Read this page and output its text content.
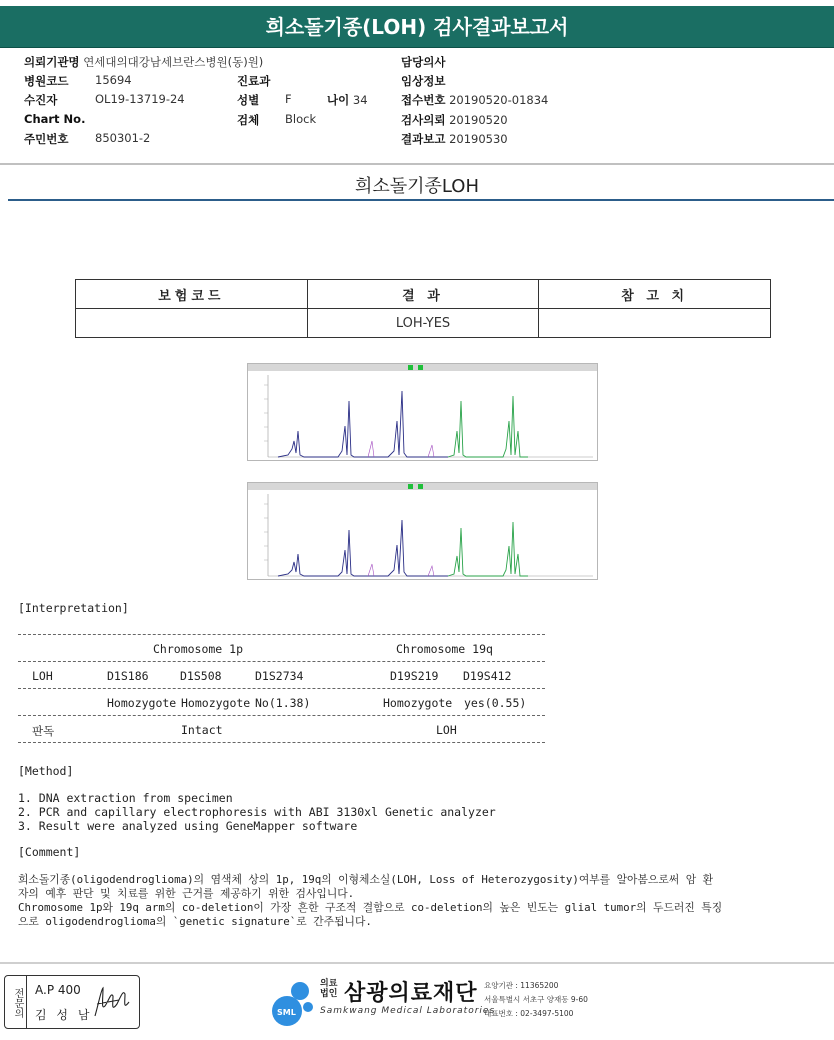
희소돌기종(LOH) 검사결과보고서
의뢰기관명 연세대의대강남세브란스병원(동)원)
병원코드 15694
수진자	OL19-13719-24
Chart No.
주민번호 850301-2
진료과
성별 F	나이 34
검체 Block
담당의사
임상정보
접수번호 20190520-01834
검사의뢰 20190520
결과보고 20190530
희소돌기종LOH
보험코드	결 과	참 고 치
	LOH-YES	
[Interpretation]
Chromosome 1p	Chromosome 19q
LOH	D1S186	D1S508	D1S2734	D19S219 D19S412
Homozygote Homozygote No(1.38)	Homozygote yes(0.55)
판독	Intact	LOH
[Method]
1. DNA extraction from specimen
2. PCR and capillary electrophoresis with ABI 3130xl Genetic analyzer
3. Result were analyzed using GeneMapper software
[Comment]
희소돌기종(oligodendroglioma)의 염색체 상의 1p, 19q의 이형체소실(LOH, Loss of Heterozygosity)여부를 알아봄으로써 암 환
자의 예후 판단 및 치료를 위한 근거를 제공하기 위한 검사입니다.
Chromosome 1p와 19q arm의 co-deletion이 가장 흔한 구조적 결함으로 co-deletion의 높은 빈도는 glial tumor의 두드러진 특징
으로 oligodendroglioma의 `genetic signature`로 간주됩니다.
전문의	A.P 400
김 성 남	SML
의료
법인 삼광의료재단
Samkwang Medical Laboratories
요양기관 : 11365200
서울특별시 서초구 양재동 9-60
대표번호 : 02-3497-5100
